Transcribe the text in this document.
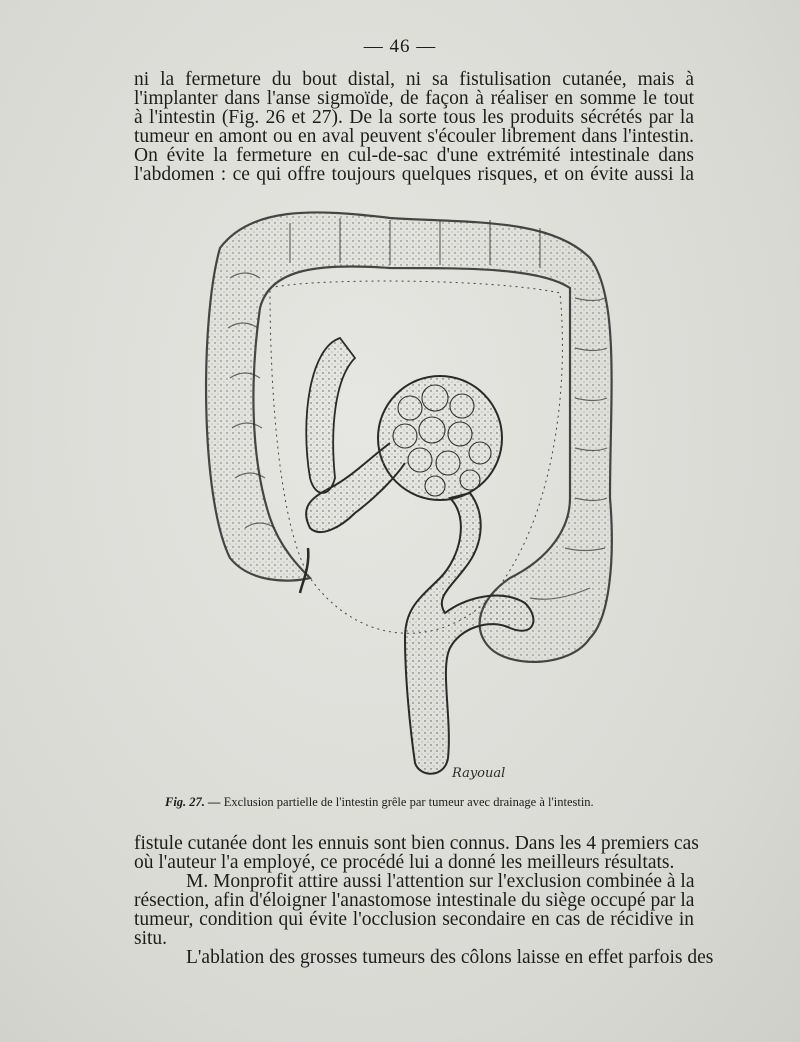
— 46 —
ni la fermeture du bout distal, ni sa fistulisation cutanée, mais à
l'implanter dans l'anse sigmoïde, de façon à réaliser en somme le tout
à l'intestin (Fig. 26 et 27). De la sorte tous les produits sécrétés par la
tumeur en amont ou en aval peuvent s'écouler librement dans l'intestin.
On évite la fermeture en cul-de-sac d'une extrémité intestinale dans
l'abdomen : ce qui offre toujours quelques risques, et on évite aussi la
Rayoual
Fig. 27. — Exclusion partielle de l'intestin grêle par tumeur avec drainage à l'intestin.
fistule cutanée dont les ennuis sont bien connus. Dans les 4 premiers cas
où l'auteur l'a employé, ce procédé lui a donné les meilleurs résultats.
M. Monprofit attire aussi l'attention sur l'exclusion combinée à la
résection, afin d'éloigner l'anastomose intestinale du siège occupé par la
tumeur, condition qui évite l'occlusion secondaire en cas de récidive in
situ.
L'ablation des grosses tumeurs des côlons laisse en effet parfois des
